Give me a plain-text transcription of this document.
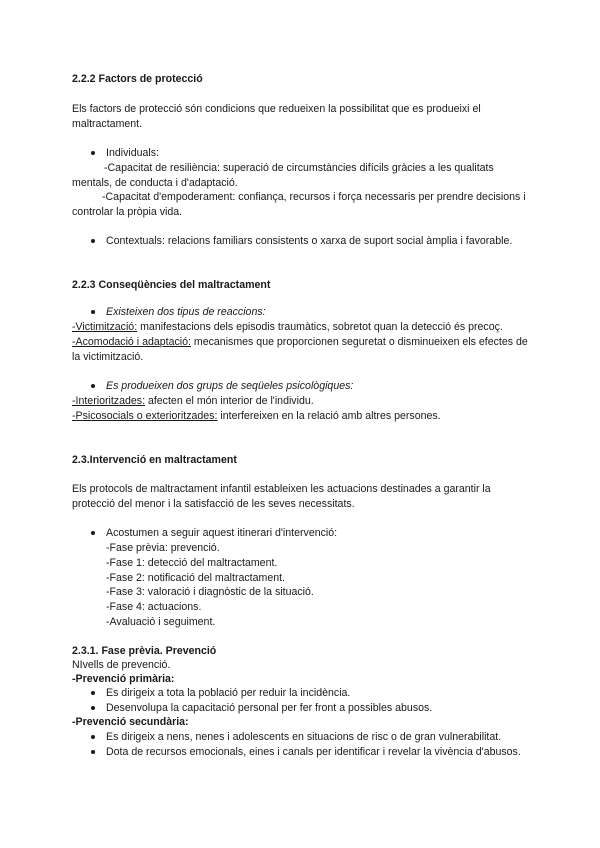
2.2.2 Factors de protecció

Els factors de protecció són condicions que redueixen la possibilitat que es produeixi el maltractament.

Individuals:

-Capacitat de resiliència: superació de circumstàncies difícils gràcies a les qualitats mentals, de conducta i d'adaptació.

-Capacitat d'empoderament: confiança, recursos i força necessaris per prendre decisions i controlar la pròpia vida.

Contextuals: relacions familiars consistents o xarxa de suport social àmplia i favorable.
2.2.3 Conseqüències del maltractament
Existeixen dos tipus de reaccions:

-Victimització: manifestacions dels episodis traumàtics, sobretot quan la detecció és precoç.

-Acomodació i adaptació: mecanismes que proporcionen seguretat o disminueixen els efectes de la victimització.

Es produeixen dos grups de seqüeles psicològiques:

-Interioritzades: afecten el món interior de l'individu.

-Psicosocials o exterioritzades: interfereixen en la relació amb altres persones.

2.3.Intervenció en maltractament

Els protocols de maltractament infantil estableixen les actuacions destinades a garantir la protecció del menor i la satisfacció de les seves necessitats.

Acostumen a seguir aquest itinerari d'intervenció:

-Fase prèvia: prevenció.

-Fase 1: detecció del maltractament.

-Fase 2: notificació del maltractament.

-Fase 3: valoració i diagnòstic de la situació.

-Fase 4: actuacions.

-Avaluació i seguiment.

2.3.1. Fase prèvia. Prevenció

NIvells de prevenció.

-Prevenció primària:

Es dirigeix a tota la població per reduir la incidència.
Desenvolupa la capacitació personal per fer front a possibles abusos.

-Prevenció secundària:

Es dirigeix a nens, nenes i adolescents en situacions de risc o de gran vulnerabilitat.
Dota de recursos emocionals, eines i canals per identificar i revelar la vivència d'abusos.
